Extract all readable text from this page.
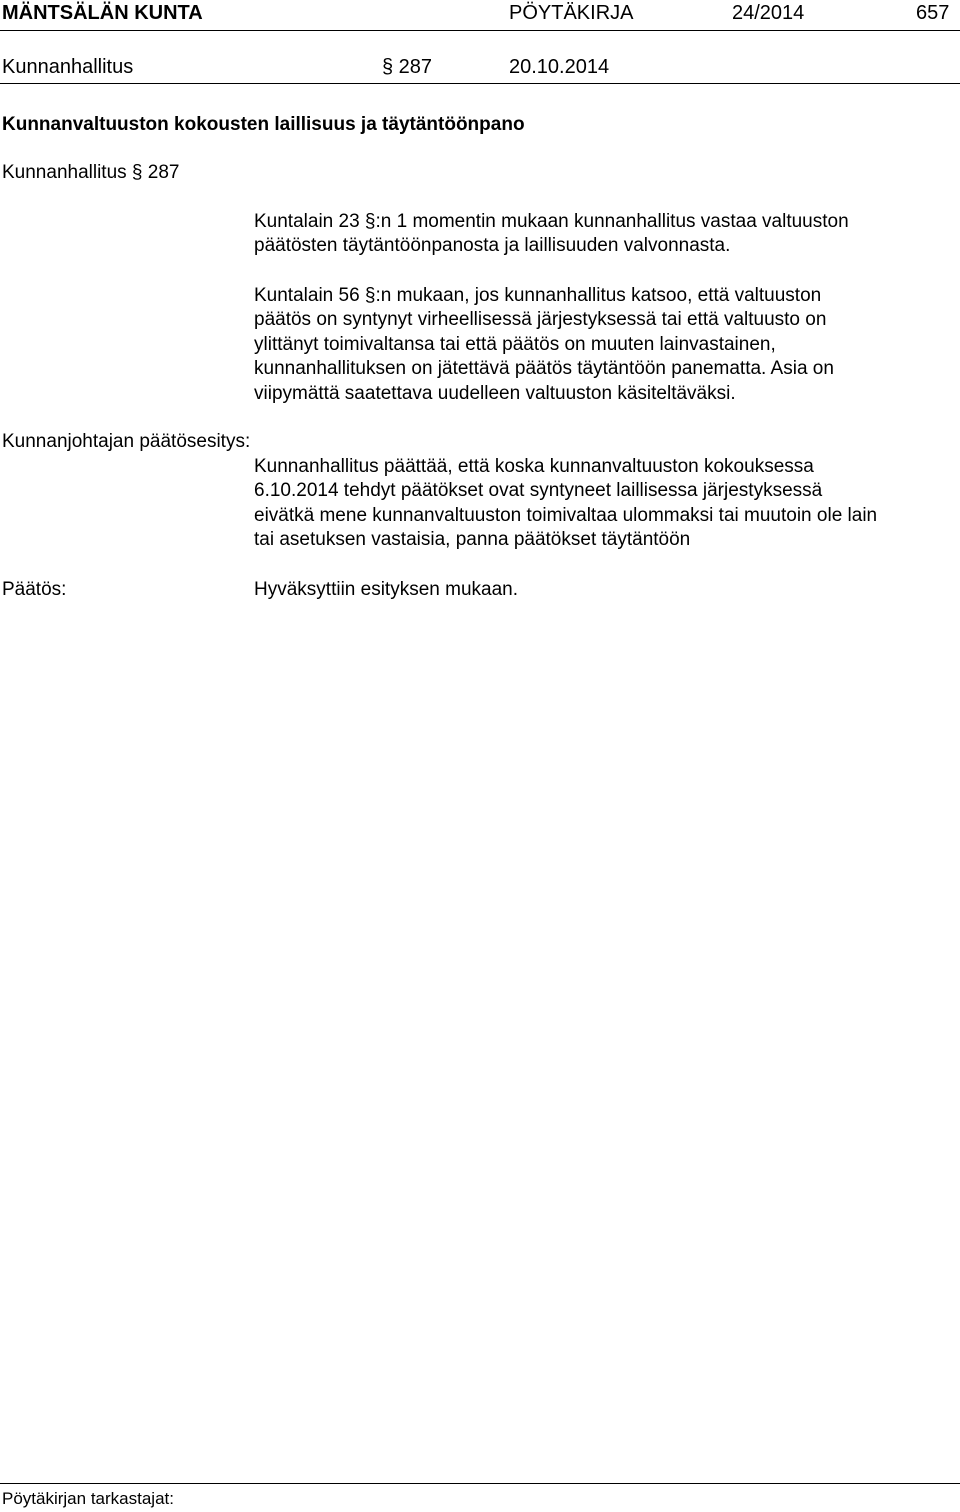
MÄNTSÄLÄN KUNTA	PÖYTÄKIRJA	24/2014	657
Kunnanhallitus	§ 287	20.10.2014
Kunnanvaltuuston kokousten laillisuus ja täytäntöönpano
Kunnanhallitus § 287
Kuntalain 23 §:n 1 momentin mukaan kunnanhallitus vastaa valtuuston
päätösten täytäntöönpanosta ja laillisuuden valvonnasta.
Kuntalain 56 §:n mukaan, jos kunnanhallitus katsoo, että valtuuston
päätös on syntynyt virheellisessä järjestyksessä tai että valtuusto on
ylittänyt toimivaltansa tai että päätös on muuten lainvastainen,
kunnanhallituksen on jätettävä päätös täytäntöön panematta. Asia on
viipymättä saatettava uudelleen valtuuston käsiteltäväksi.
Kunnanjohtajan päätösesitys:
Kunnanhallitus päättää, että koska kunnanvaltuuston kokouksessa
6.10.2014 tehdyt päätökset ovat syntyneet laillisessa järjestyksessä
eivätkä mene kunnanvaltuuston toimivaltaa ulommaksi tai muutoin ole lain
tai asetuksen vastaisia, panna päätökset täytäntöön
Päätös:	Hyväksyttiin esityksen mukaan.
Pöytäkirjan tarkastajat:
